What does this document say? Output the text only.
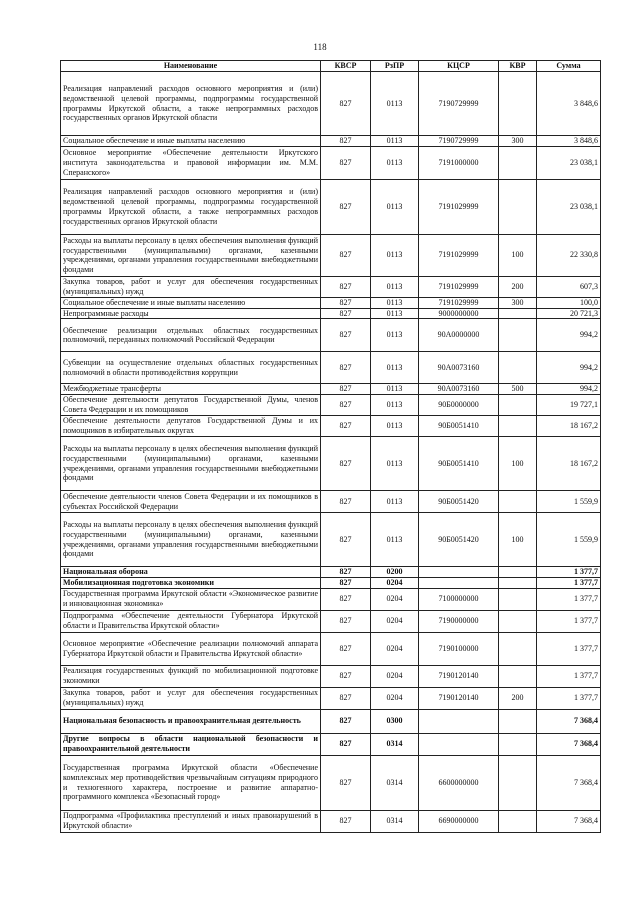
118
Наименование	КВСР	РзПР	КЦСР	КВР	Сумма
Реализация направлений расходов основного мероприятия и (или) ведомственной целевой программы, подпрограммы государственной программы Иркутской области, а также непрограммных расходов государственных органов Иркутской области	827	0113	7190729999		3 848,6
Социальное обеспечение и иные выплаты населению	827	0113	7190729999	300	3 848,6
Основное мероприятие «Обеспечение деятельности Иркутского института законодательства и правовой информации им. М.М. Сперанского»	827	0113	7191000000		23 038,1
Реализация направлений расходов основного мероприятия и (или) ведомственной целевой программы, подпрограммы государственной программы Иркутской области, а также непрограммных расходов государственных органов Иркутской области	827	0113	7191029999		23 038,1
Расходы на выплаты персоналу в целях обеспечения выполнения функций государственными (муниципальными) органами, казенными учреждениями, органами управления государственными внебюджетными фондами	827	0113	7191029999	100	22 330,8
Закупка товаров, работ и услуг для обеспечения государственных (муниципальных) нужд	827	0113	7191029999	200	607,3
Социальное обеспечение и иные выплаты населению	827	0113	7191029999	300	100,0
Непрограммные расходы	827	0113	9000000000		20 721,3
Обеспечение реализации отдельных областных государственных полномочий, переданных полномочий Российской Федерации	827	0113	90А0000000		994,2
Субвенции на осуществление отдельных областных государственных полномочий в области противодействия коррупции	827	0113	90А0073160		994,2
Межбюджетные трансферты	827	0113	90А0073160	500	994,2
Обеспечение деятельности депутатов Государственной Думы, членов Совета Федерации и их помощников	827	0113	90Б0000000		19 727,1
Обеспечение деятельности депутатов Государственной Думы и их помощников в избирательных округах	827	0113	90Б0051410		18 167,2
Расходы на выплаты персоналу в целях обеспечения выполнения функций государственными (муниципальными) органами, казенными учреждениями, органами управления государственными внебюджетными фондами	827	0113	90Б0051410	100	18 167,2
Обеспечение деятельности членов Совета Федерации и их помощников в субъектах Российской Федерации	827	0113	90Б0051420		1 559,9
Расходы на выплаты персоналу в целях обеспечения выполнения функций государственными (муниципальными) органами, казенными учреждениями, органами управления государственными внебюджетными фондами	827	0113	90Б0051420	100	1 559,9
Национальная оборона	827	0200			1 377,7
Мобилизационная подготовка экономики	827	0204			1 377,7
Государственная программа Иркутской области «Экономическое развитие и инновационная экономика»	827	0204	7100000000		1 377,7
Подпрограмма «Обеспечение деятельности Губернатора Иркутской области и Правительства Иркутской области»	827	0204	7190000000		1 377,7
Основное мероприятие «Обеспечение реализации полномочий аппарата Губернатора Иркутской области и Правительства Иркутской области»	827	0204	7190100000		1 377,7
Реализация государственных функций по мобилизационной подготовке экономики	827	0204	7190120140		1 377,7
Закупка товаров, работ и услуг для обеспечения государственных (муниципальных) нужд	827	0204	7190120140	200	1 377,7
Национальная безопасность и правоохранительная деятельность	827	0300			7 368,4
Другие вопросы в области национальной безопасности и правоохранительной деятельности	827	0314			7 368,4
Государственная программа Иркутской области «Обеспечение комплексных мер противодействия чрезвычайным ситуациям природного и техногенного характера, построение и развитие аппаратно-программного комплекса «Безопасный город»	827	0314	6600000000		7 368,4
Подпрограмма «Профилактика преступлений и иных правонарушений в Иркутской области»	827	0314	6690000000		7 368,4
